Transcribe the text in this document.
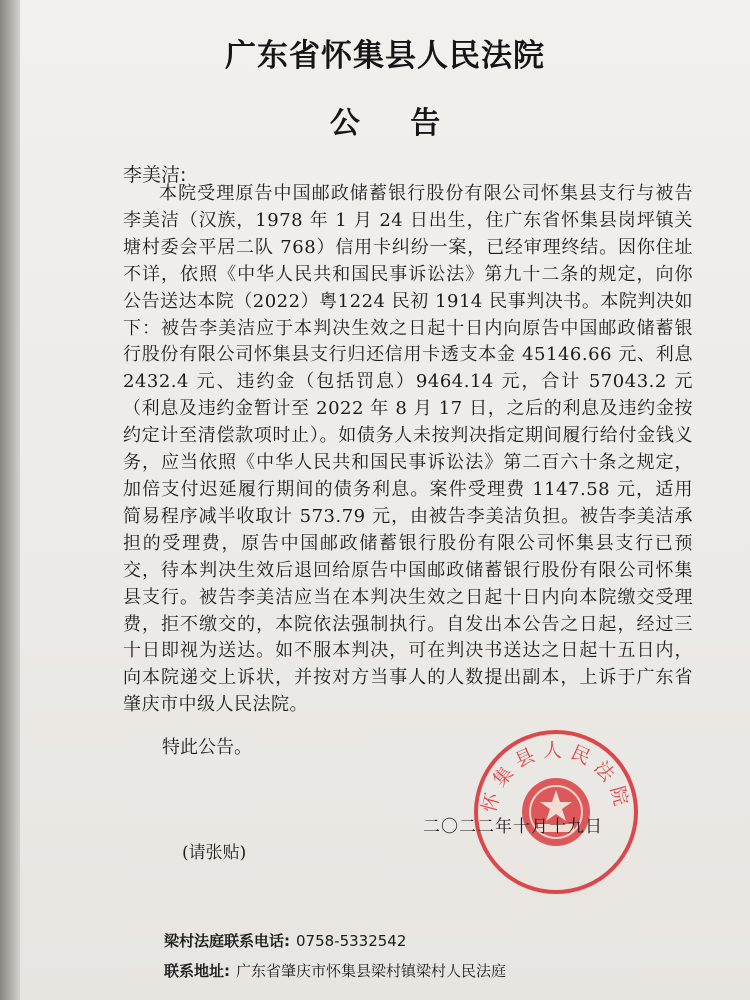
广东省怀集县人民法院
公 告
李美洁:
本院受理原告中国邮政储蓄银行股份有限公司怀集县支行与被告李美洁（汉族，1978 年 1 月 24 日出生，住广东省怀集县岗坪镇关塘村委会平居二队 768）信用卡纠纷一案，已经审理终结。因你住址不详，依照《中华人民共和国民事诉讼法》第九十二条的规定，向你公告送达本院（2022）粤1224 民初 1914 民事判决书。本院判决如下：被告李美洁应于本判决生效之日起十日内向原告中国邮政储蓄银行股份有限公司怀集县支行归还信用卡透支本金 45146.66 元、利息 2432.4 元、违约金（包括罚息）9464.14 元，合计 57043.2 元（利息及违约金暂计至 2022 年 8 月 17 日，之后的利息及违约金按约定计至清偿款项时止）。如债务人未按判决指定期间履行给付金钱义务，应当依照《中华人民共和国民事诉讼法》第二百六十条之规定，加倍支付迟延履行期间的债务利息。案件受理费 1147.58 元，适用简易程序减半收取计 573.79 元，由被告李美洁负担。被告李美洁承担的受理费，原告中国邮政储蓄银行股份有限公司怀集县支行已预交，待本判决生效后退回给原告中国邮政储蓄银行股份有限公司怀集县支行。被告李美洁应当在本判决生效之日起十日内向本院缴交受理费，拒不缴交的，本院依法强制执行。自发出本公告之日起，经过三十日即视为送达。如不服本判决，可在判决书送达之日起十五日内，向本院递交上诉状，并按对方当事人的人数提出副本，上诉于广东省肇庆市中级人民法院。
特此公告。
怀集县人民法院
二〇二二年十月十九日
(请张贴)
梁村法庭联系电话: 0758-5332542
联系地址: 广东省肇庆市怀集县梁村镇梁村人民法庭
